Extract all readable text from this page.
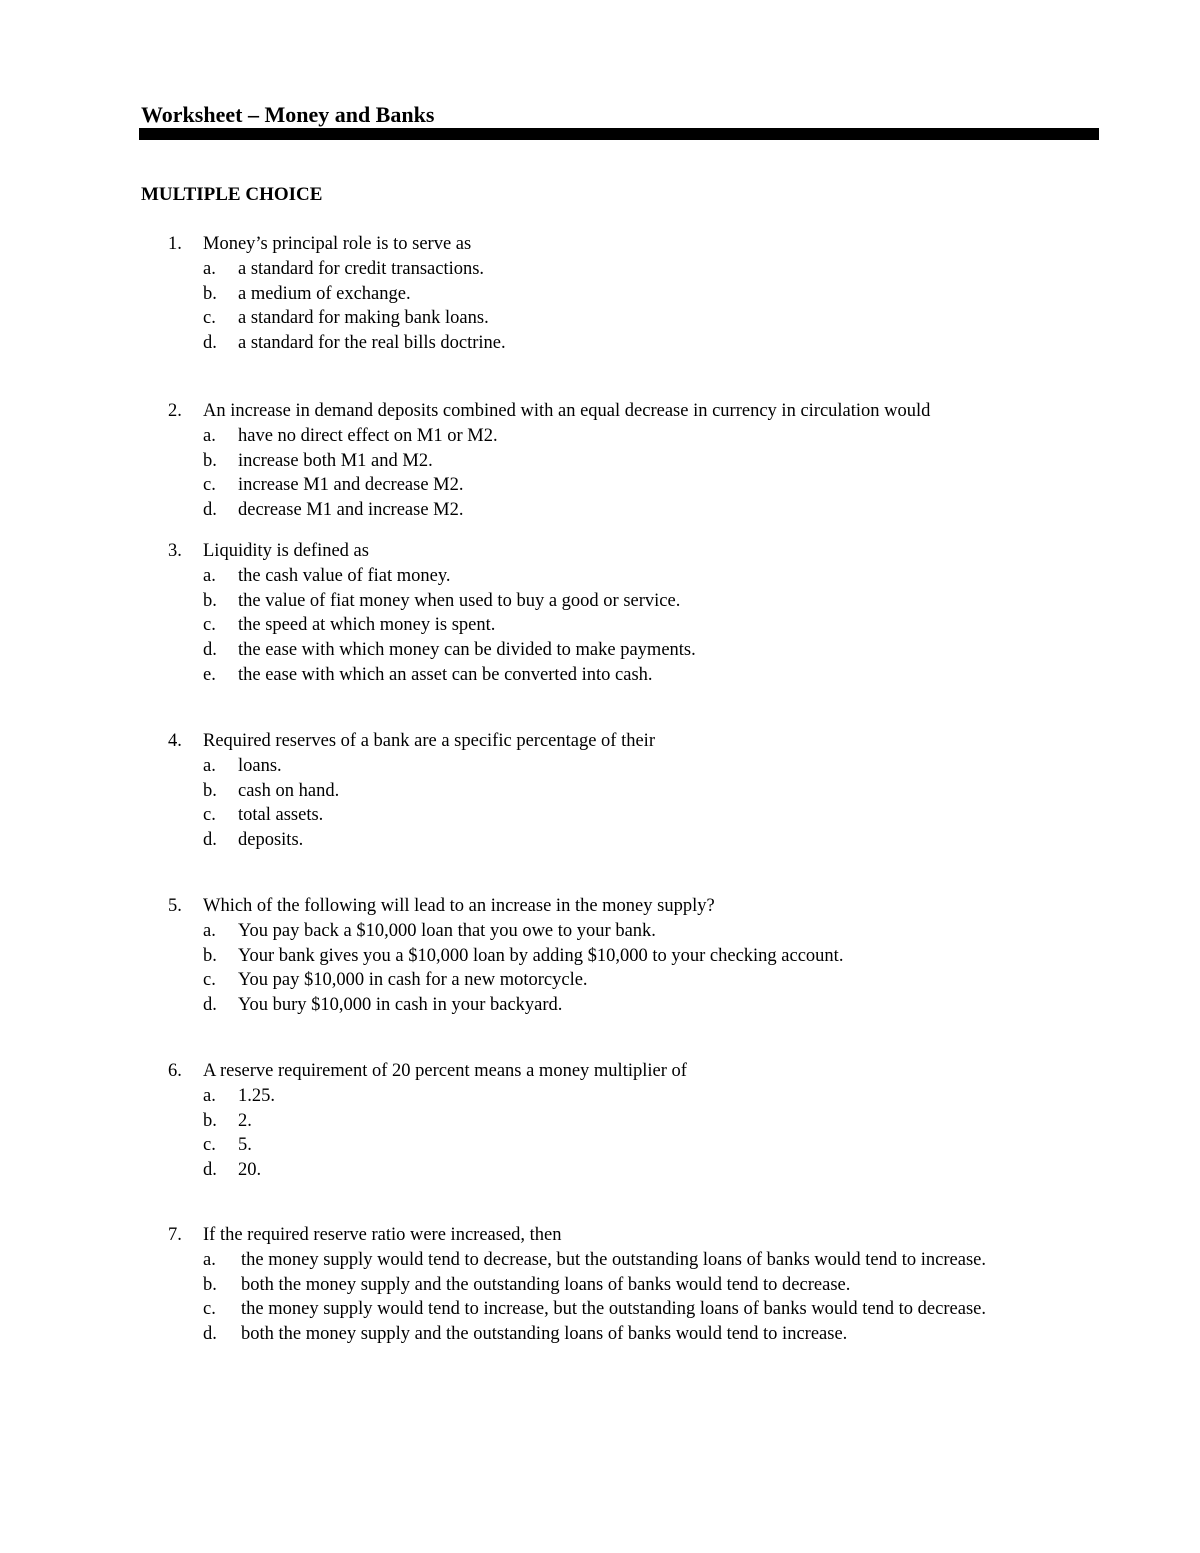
Worksheet – Money and Banks
MULTIPLE CHOICE
1.	Money’s principal role is to serve as
a.	a standard for credit transactions.
b.	a medium of exchange.
c.	a standard for making bank loans.
d.	a standard for the real bills doctrine.
2.	An increase in demand deposits combined with an equal decrease in currency in circulation would
a.	have no direct effect on M1 or M2.
b.	increase both M1 and M2.
c.	increase M1 and decrease M2.
d.	decrease M1 and increase M2.
3.	Liquidity is defined as
a.	the cash value of fiat money.
b.	the value of fiat money when used to buy a good or service.
c.	the speed at which money is spent.
d.	the ease with which money can be divided to make payments.
e.	the ease with which an asset can be converted into cash.
4.	Required reserves of a bank are a specific percentage of their
a.	loans.
b.	cash on hand.
c.	total assets.
d.	deposits.
5.	Which of the following will lead to an increase in the money supply?
a.	You pay back a $10,000 loan that you owe to your bank.
b.	Your bank gives you a $10,000 loan by adding $10,000 to your checking account.
c.	You pay $10,000 in cash for a new motorcycle.
d.	You bury $10,000 in cash in your backyard.
6.	A reserve requirement of 20 percent means a money multiplier of
a.	1.25.
b.	2.
c.	5.
d.	20.
7.	If the required reserve ratio were increased, then
a.	the money supply would tend to decrease, but the outstanding loans of banks would tend to increase.
b.	both the money supply and the outstanding loans of banks would tend to decrease.
c.	the money supply would tend to increase, but the outstanding loans of banks would tend to decrease.
d.	both the money supply and the outstanding loans of banks would tend to increase.
